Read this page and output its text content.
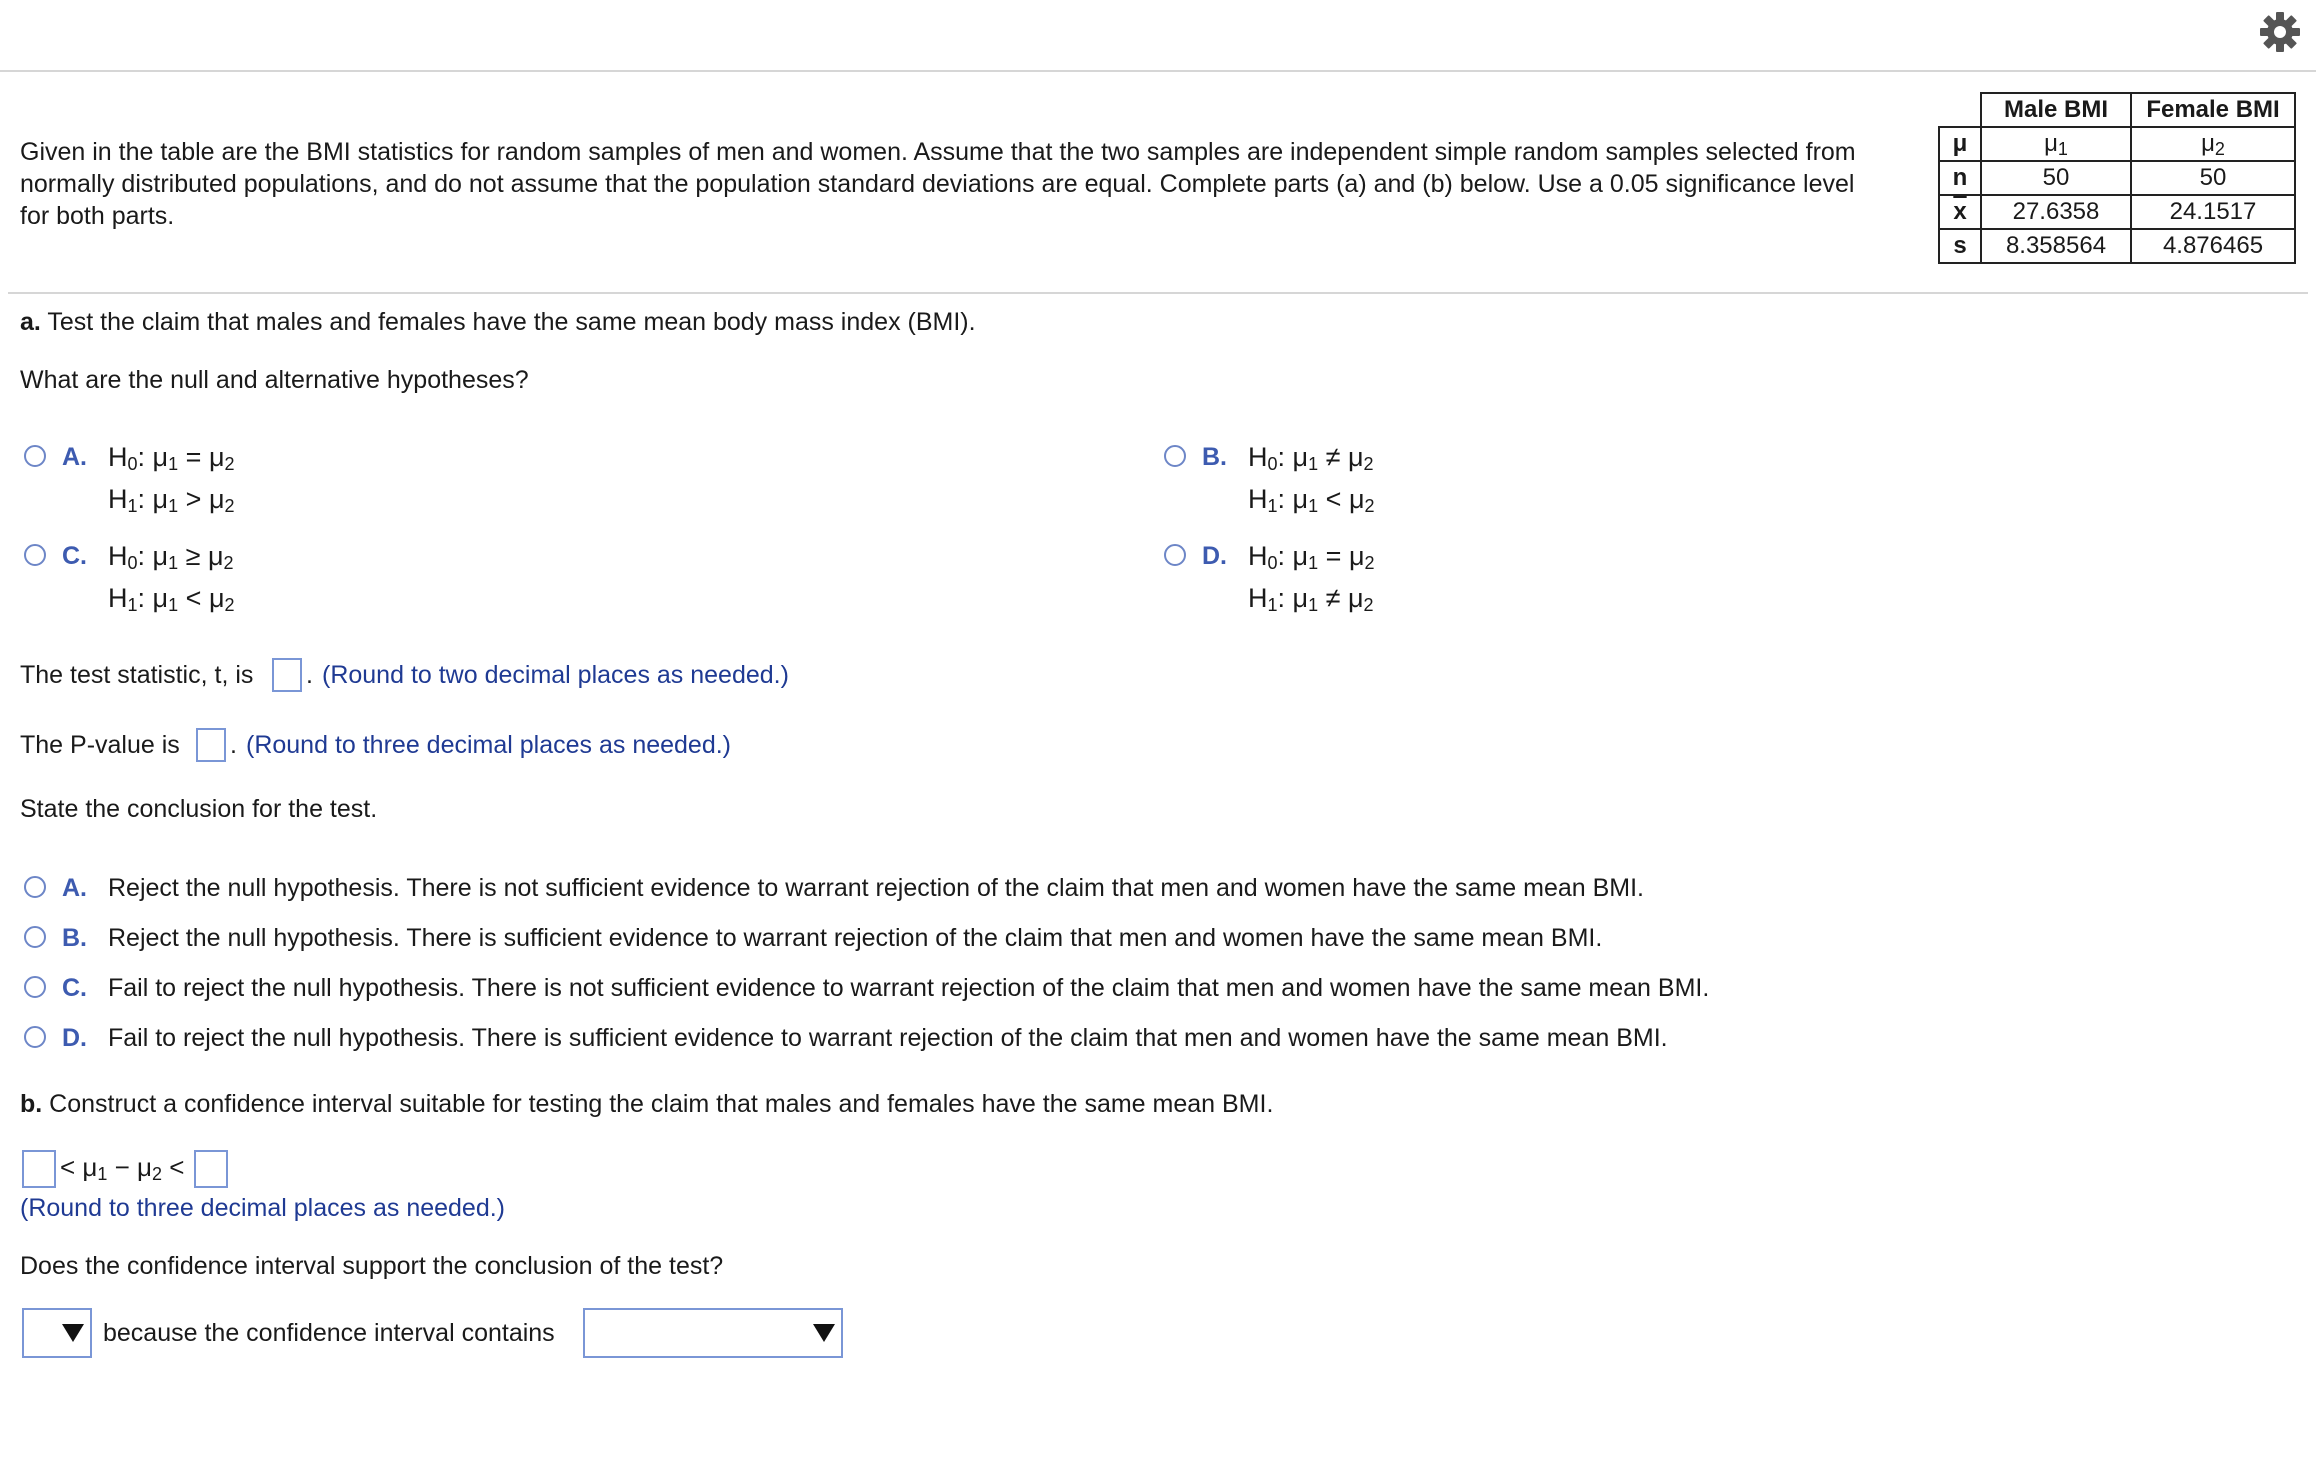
Given in the table are the BMI statistics for random samples of men and women. Assume that the two samples are independent simple random samples selected from
normally distributed populations, and do not assume that the population standard deviations are equal. Complete parts (a) and (b) below. Use a 0.05 significance level
for both parts.
	Male BMI	Female BMI
μ	$\mu_1$	$\mu_2$
n	50	50
$\overline{x}$	27.6358	24.1517
s	8.358564	4.876465
a. Test the claim that males and females have the same mean body mass index (BMI).
What are the null and alternative hypotheses?
A. $H_0$: $\mu_1 = \mu_2$
$H_1$: $\mu_1 > \mu_2$
B. $H_0$: $\mu_1 \ne \mu_2$
$H_1$: $\mu_1 < \mu_2$
C. $H_0$: $\mu_1 \ge \mu_2$
$H_1$: $\mu_1 < \mu_2$
D. $H_0$: $\mu_1 = \mu_2$
$H_1$: $\mu_1 \ne \mu_2$
The test statistic, t, is . (Round to two decimal places as needed.)
The P-value is . (Round to three decimal places as needed.)
State the conclusion for the test.
A. Reject the null hypothesis. There is not sufficient evidence to warrant rejection of the claim that men and women have the same mean BMI.
B. Reject the null hypothesis. There is sufficient evidence to warrant rejection of the claim that men and women have the same mean BMI.
C. Fail to reject the null hypothesis. There is not sufficient evidence to warrant rejection of the claim that men and women have the same mean BMI.
D. Fail to reject the null hypothesis. There is sufficient evidence to warrant rejection of the claim that men and women have the same mean BMI.
b. Construct a confidence interval suitable for testing the claim that males and females have the same mean BMI.
< $\mu_1 - \mu_2$ <
(Round to three decimal places as needed.)
Does the confidence interval support the conclusion of the test?
because the confidence interval contains
